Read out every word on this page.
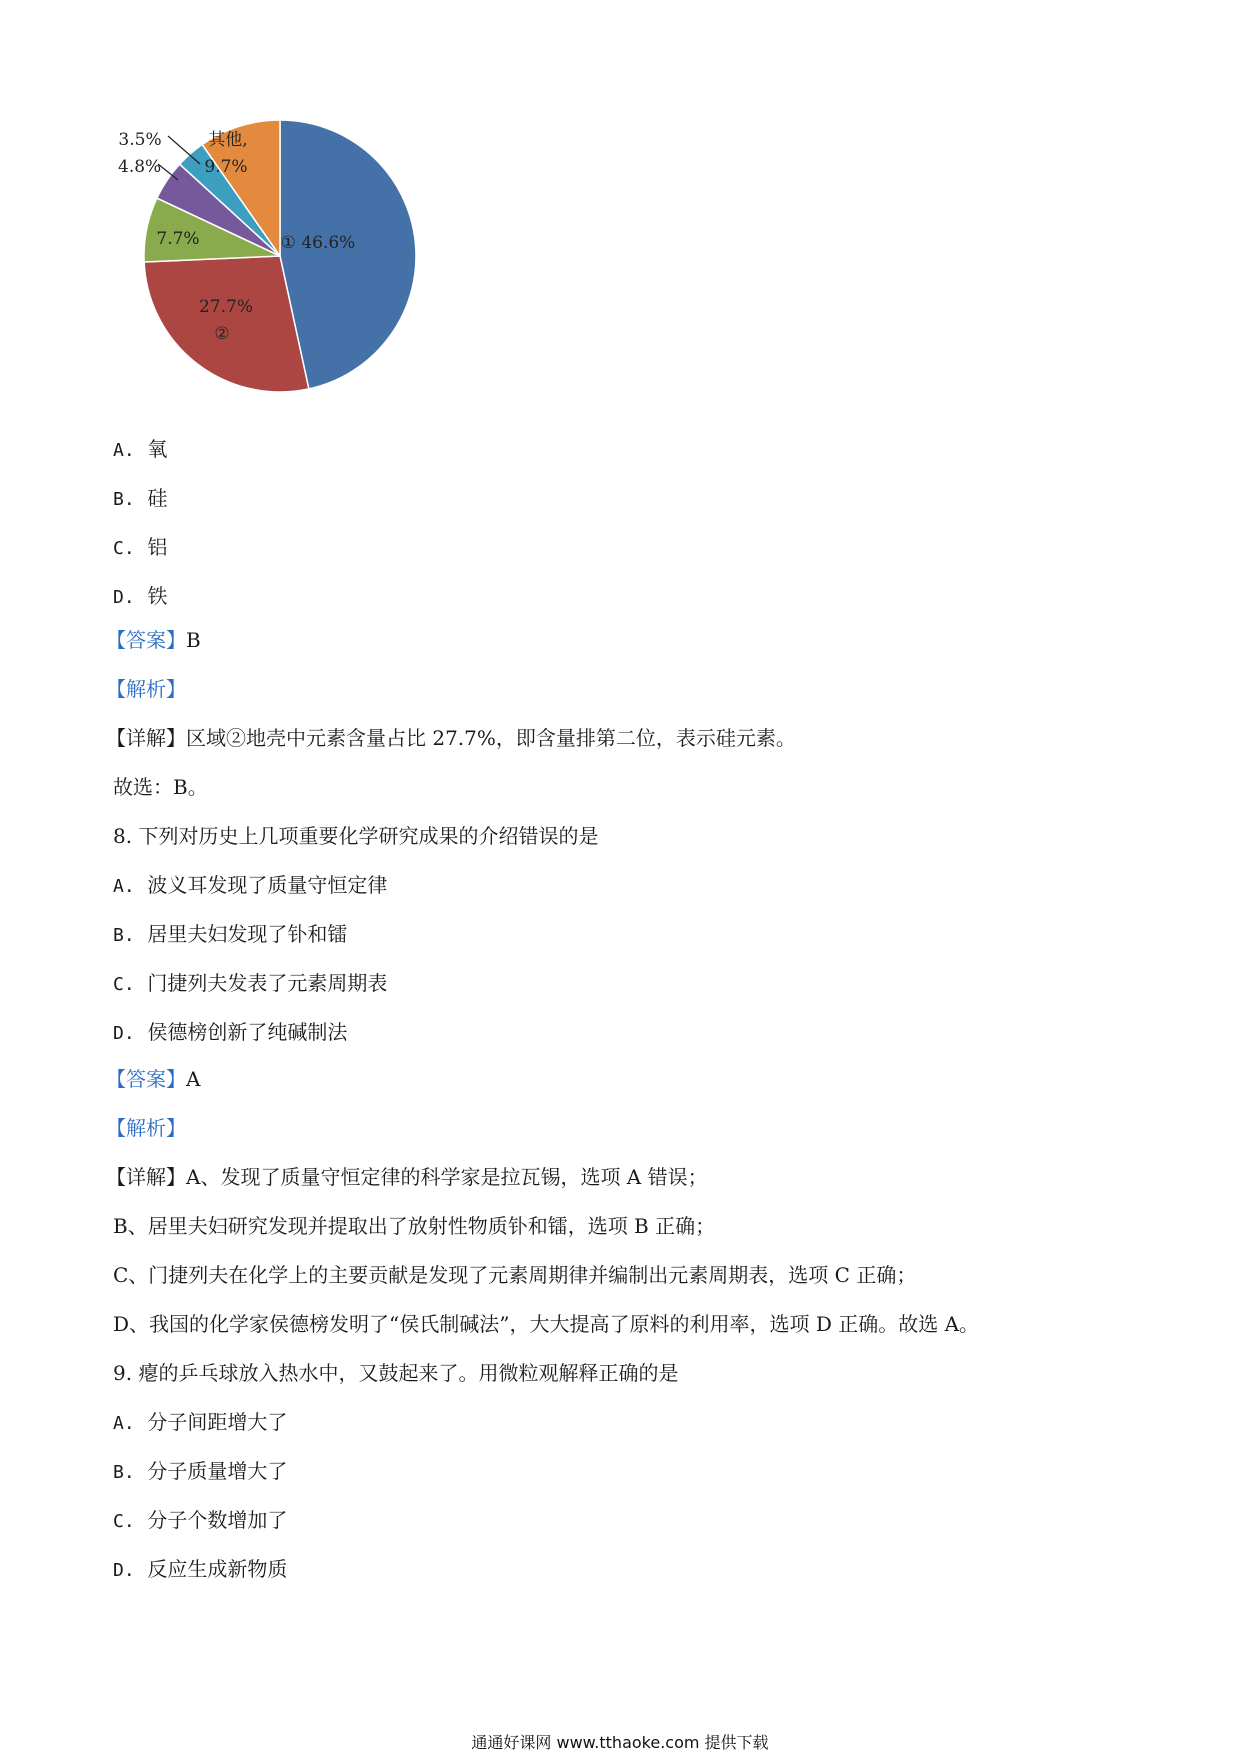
① 46.6%
27.7%
②
7.7%
4.8%
3.5%	其他,
9.7%
A. 氧
B. 硅
C. 铝
D. 铁
【答案】B
【解析】
【详解】区域②地壳中元素含量占比 27.7%，即含量排第二位，表示硅元素。
故选：B。
8. 下列对历史上几项重要化学研究成果的介绍错误的是
A. 波义耳发现了质量守恒定律
B. 居里夫妇发现了钋和镭
C. 门捷列夫发表了元素周期表
D. 侯德榜创新了纯碱制法
【答案】A
【解析】
【详解】A、发现了质量守恒定律的科学家是拉瓦锡，选项 A 错误；
B、居里夫妇研究发现并提取出了放射性物质钋和镭，选项 B 正确；
C、门捷列夫在化学上的主要贡献是发现了元素周期律并编制出元素周期表，选项 C 正确；
D、我国的化学家侯德榜发明了“侯氏制碱法”，大大提高了原料的利用率，选项 D 正确。故选 A。
9. 瘪的乒乓球放入热水中，又鼓起来了。用微粒观解释正确的是
A. 分子间距增大了
B. 分子质量增大了
C. 分子个数增加了
D. 反应生成新物质
通通好课网 www.tthaoke.com 提供下载
